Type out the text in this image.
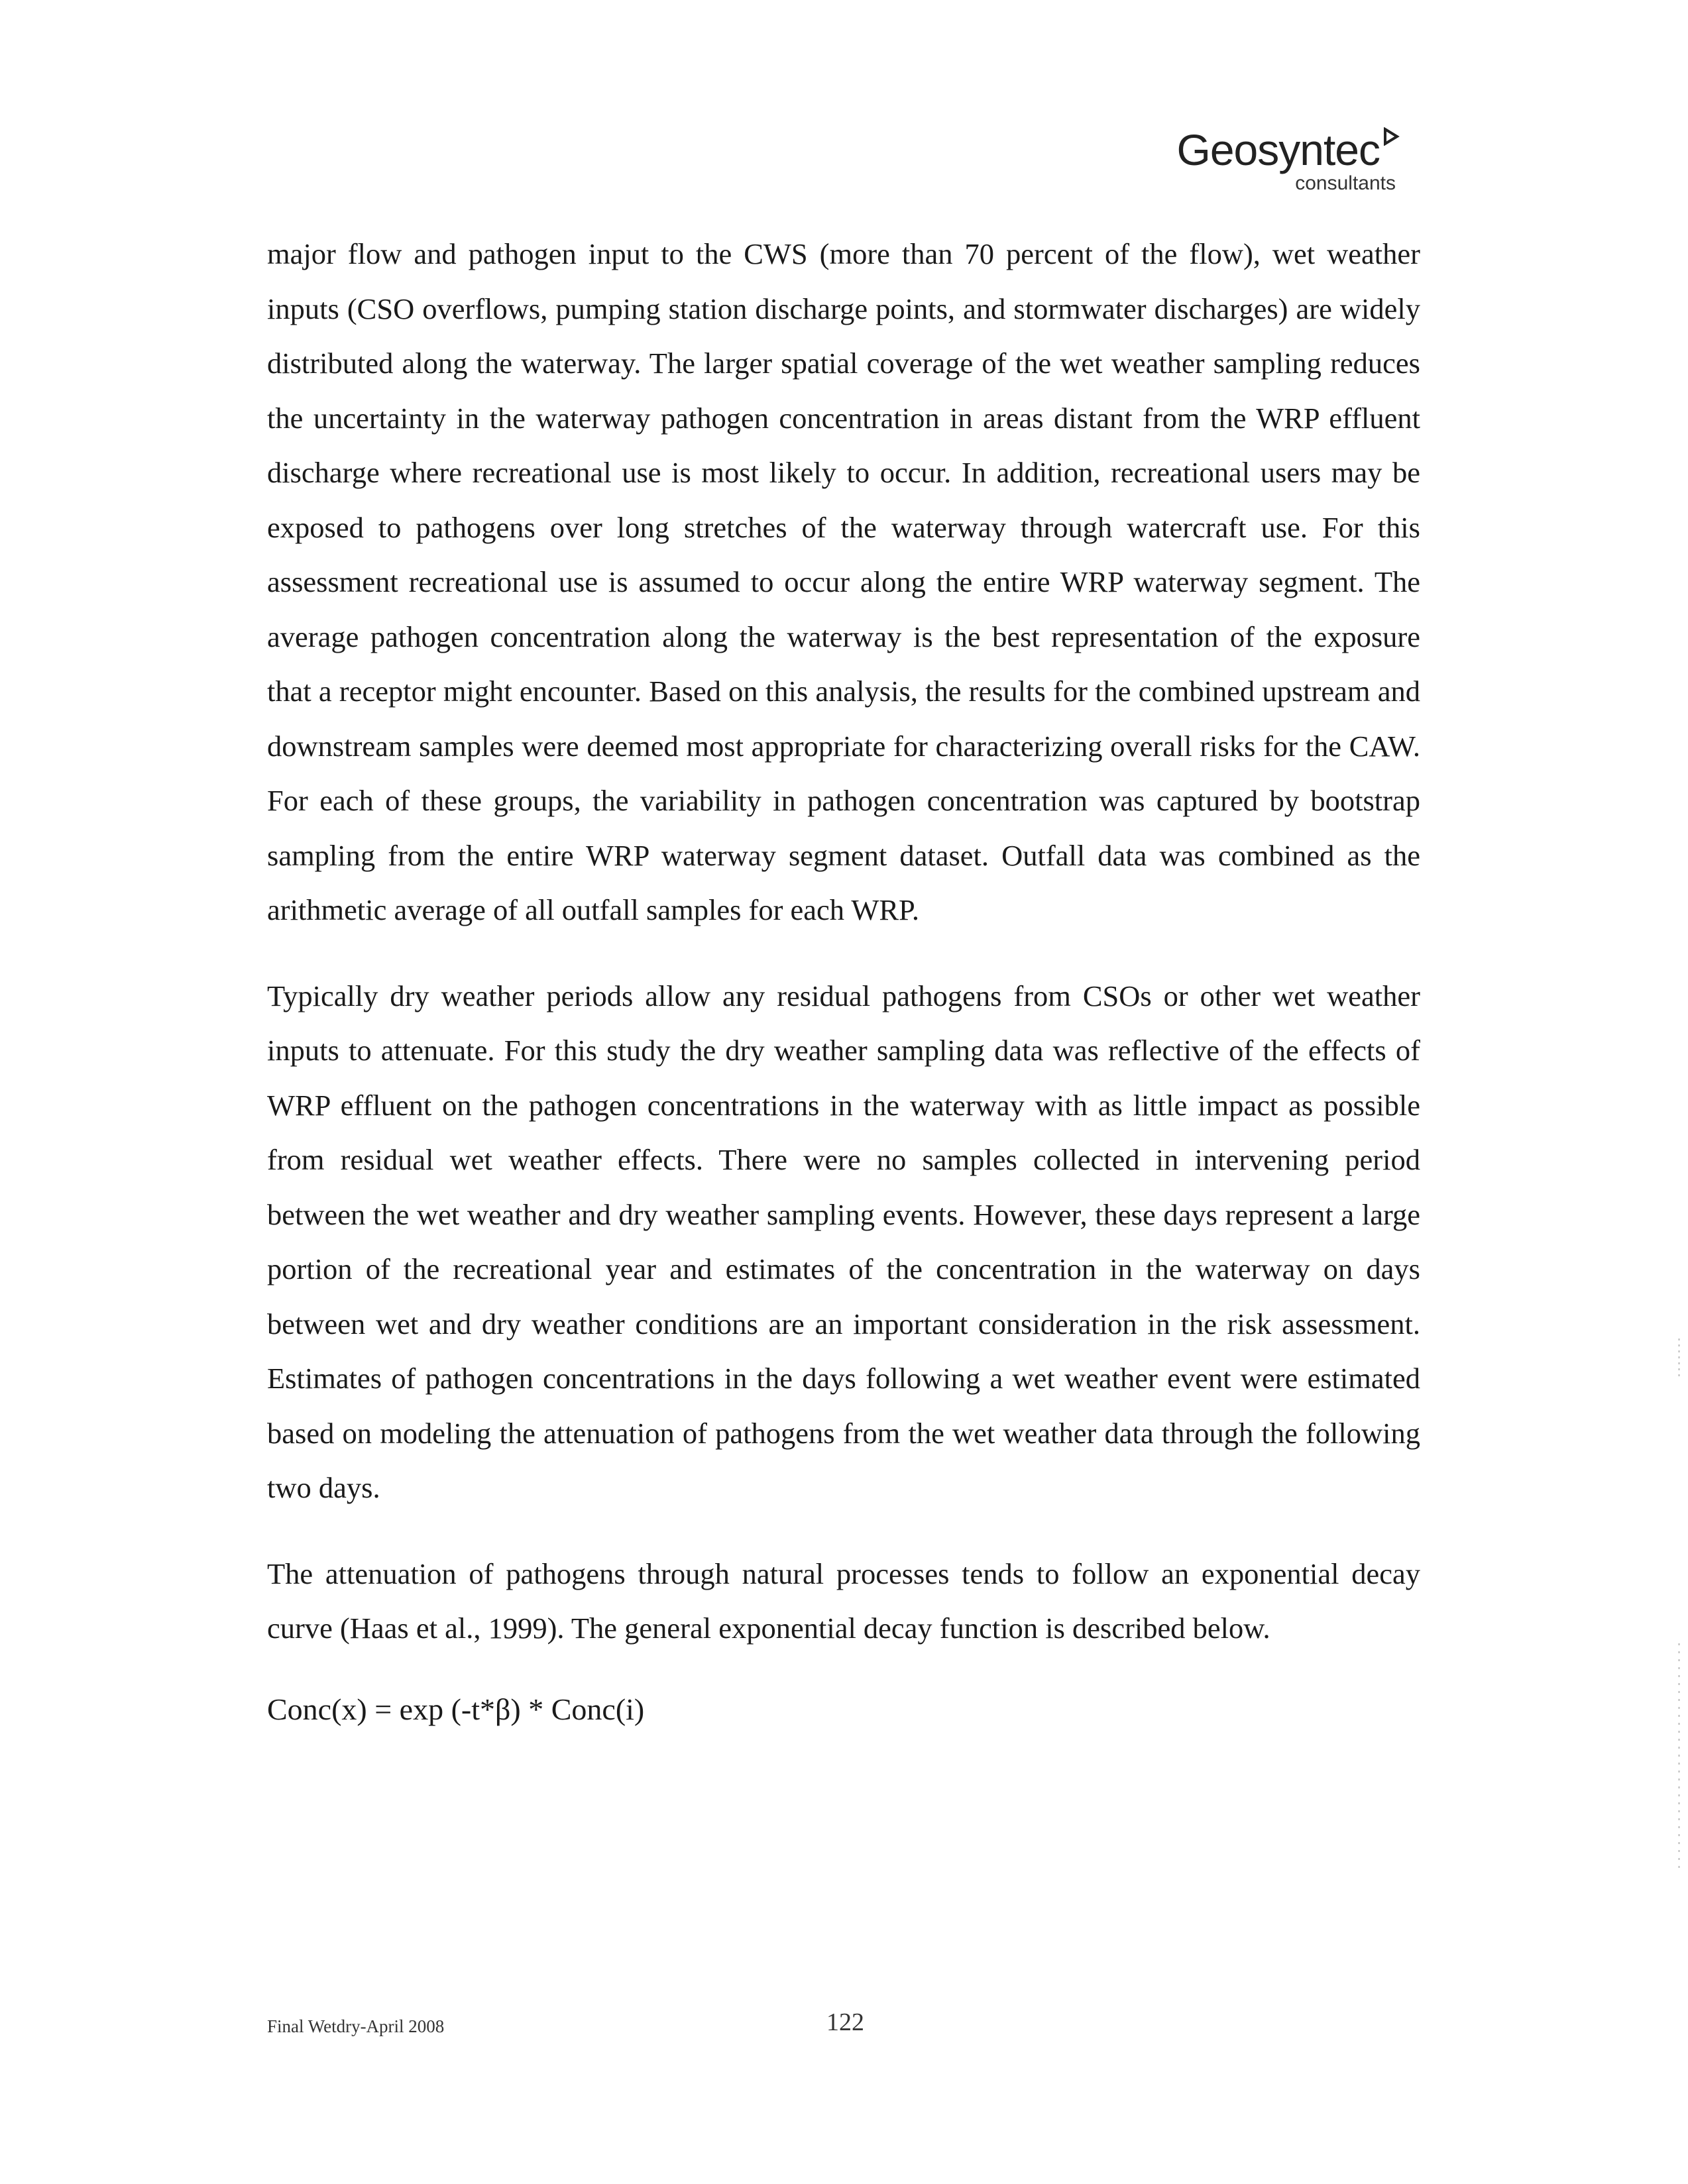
Geosyntec
consultants

major flow and pathogen input to the CWS (more than 70 percent of the flow), wet weather inputs (CSO overflows, pumping station discharge points, and stormwater discharges) are widely distributed along the waterway. The larger spatial coverage of the wet weather sampling reduces the uncertainty in the waterway pathogen concentration in areas distant from the WRP effluent discharge where recreational use is most likely to occur. In addition, recreational users may be exposed to pathogens over long stretches of the waterway through watercraft use. For this assessment recreational use is assumed to occur along the entire WRP waterway segment. The average pathogen concentration along the waterway is the best representation of the exposure that a receptor might encounter. Based on this analysis, the results for the combined upstream and downstream samples were deemed most appropriate for characterizing overall risks for the CAW. For each of these groups, the variability in pathogen concentration was captured by bootstrap sampling from the entire WRP waterway segment dataset. Outfall data was combined as the arithmetic average of all outfall samples for each WRP.

Typically dry weather periods allow any residual pathogens from CSOs or other wet weather inputs to attenuate. For this study the dry weather sampling data was reflective of the effects of WRP effluent on the pathogen concentrations in the waterway with as little impact as possible from residual wet weather effects. There were no samples collected in intervening period between the wet weather and dry weather sampling events. However, these days represent a large portion of the recreational year and estimates of the concentration in the waterway on days between wet and dry weather conditions are an important consideration in the risk assessment. Estimates of pathogen concentrations in the days following a wet weather event were estimated based on modeling the attenuation of pathogens from the wet weather data through the following two days.

The attenuation of pathogens through natural processes tends to follow an exponential decay curve (Haas et al., 1999). The general exponential decay function is described below.

Conc(x) = exp (-t*β) * Conc(i)

Final Wetdry-April 2008	122
